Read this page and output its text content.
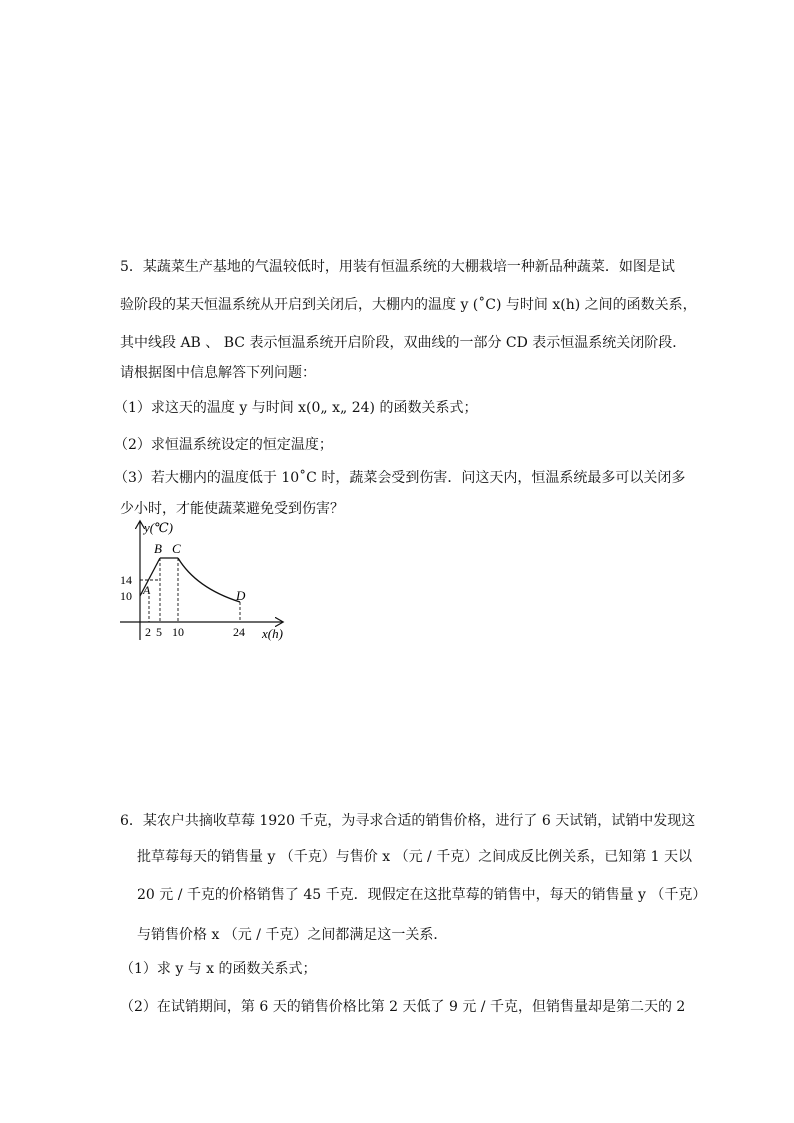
5．某蔬菜生产基地的气温较低时，用装有恒温系统的大棚栽培一种新品种蔬菜．如图是试
验阶段的某天恒温系统从开启到关闭后，大棚内的温度 y (˚C) 与时间 x(h) 之间的函数关系，
其中线段 AB 、 BC 表示恒温系统开启阶段，双曲线的一部分 CD 表示恒温系统关闭阶段．
请根据图中信息解答下列问题：
（1）求这天的温度 y 与时间 x(0„ x„ 24) 的函数关系式；
（2）求恒温系统设定的恒定温度；
（3）若大棚内的温度低于 10˚C 时，蔬菜会受到伤害．问这天内，恒温系统最多可以关闭多
少小时，才能使蔬菜避免受到伤害？
y(℃)
x(h)
14
10
2 5 10	24
A
B C
D
6．某农户共摘收草莓 1920 千克，为寻求合适的销售价格，进行了 6 天试销，试销中发现这
批草莓每天的销售量 y （千克）与售价 x （元 / 千克）之间成反比例关系，已知第 1 天以
20 元 / 千克的价格销售了 45 千克．现假定在这批草莓的销售中，每天的销售量 y （千克）
与销售价格 x （元 / 千克）之间都满足这一关系．
（1）求 y 与 x 的函数关系式；
（2）在试销期间，第 6 天的销售价格比第 2 天低了 9 元 / 千克，但销售量却是第二天的 2
